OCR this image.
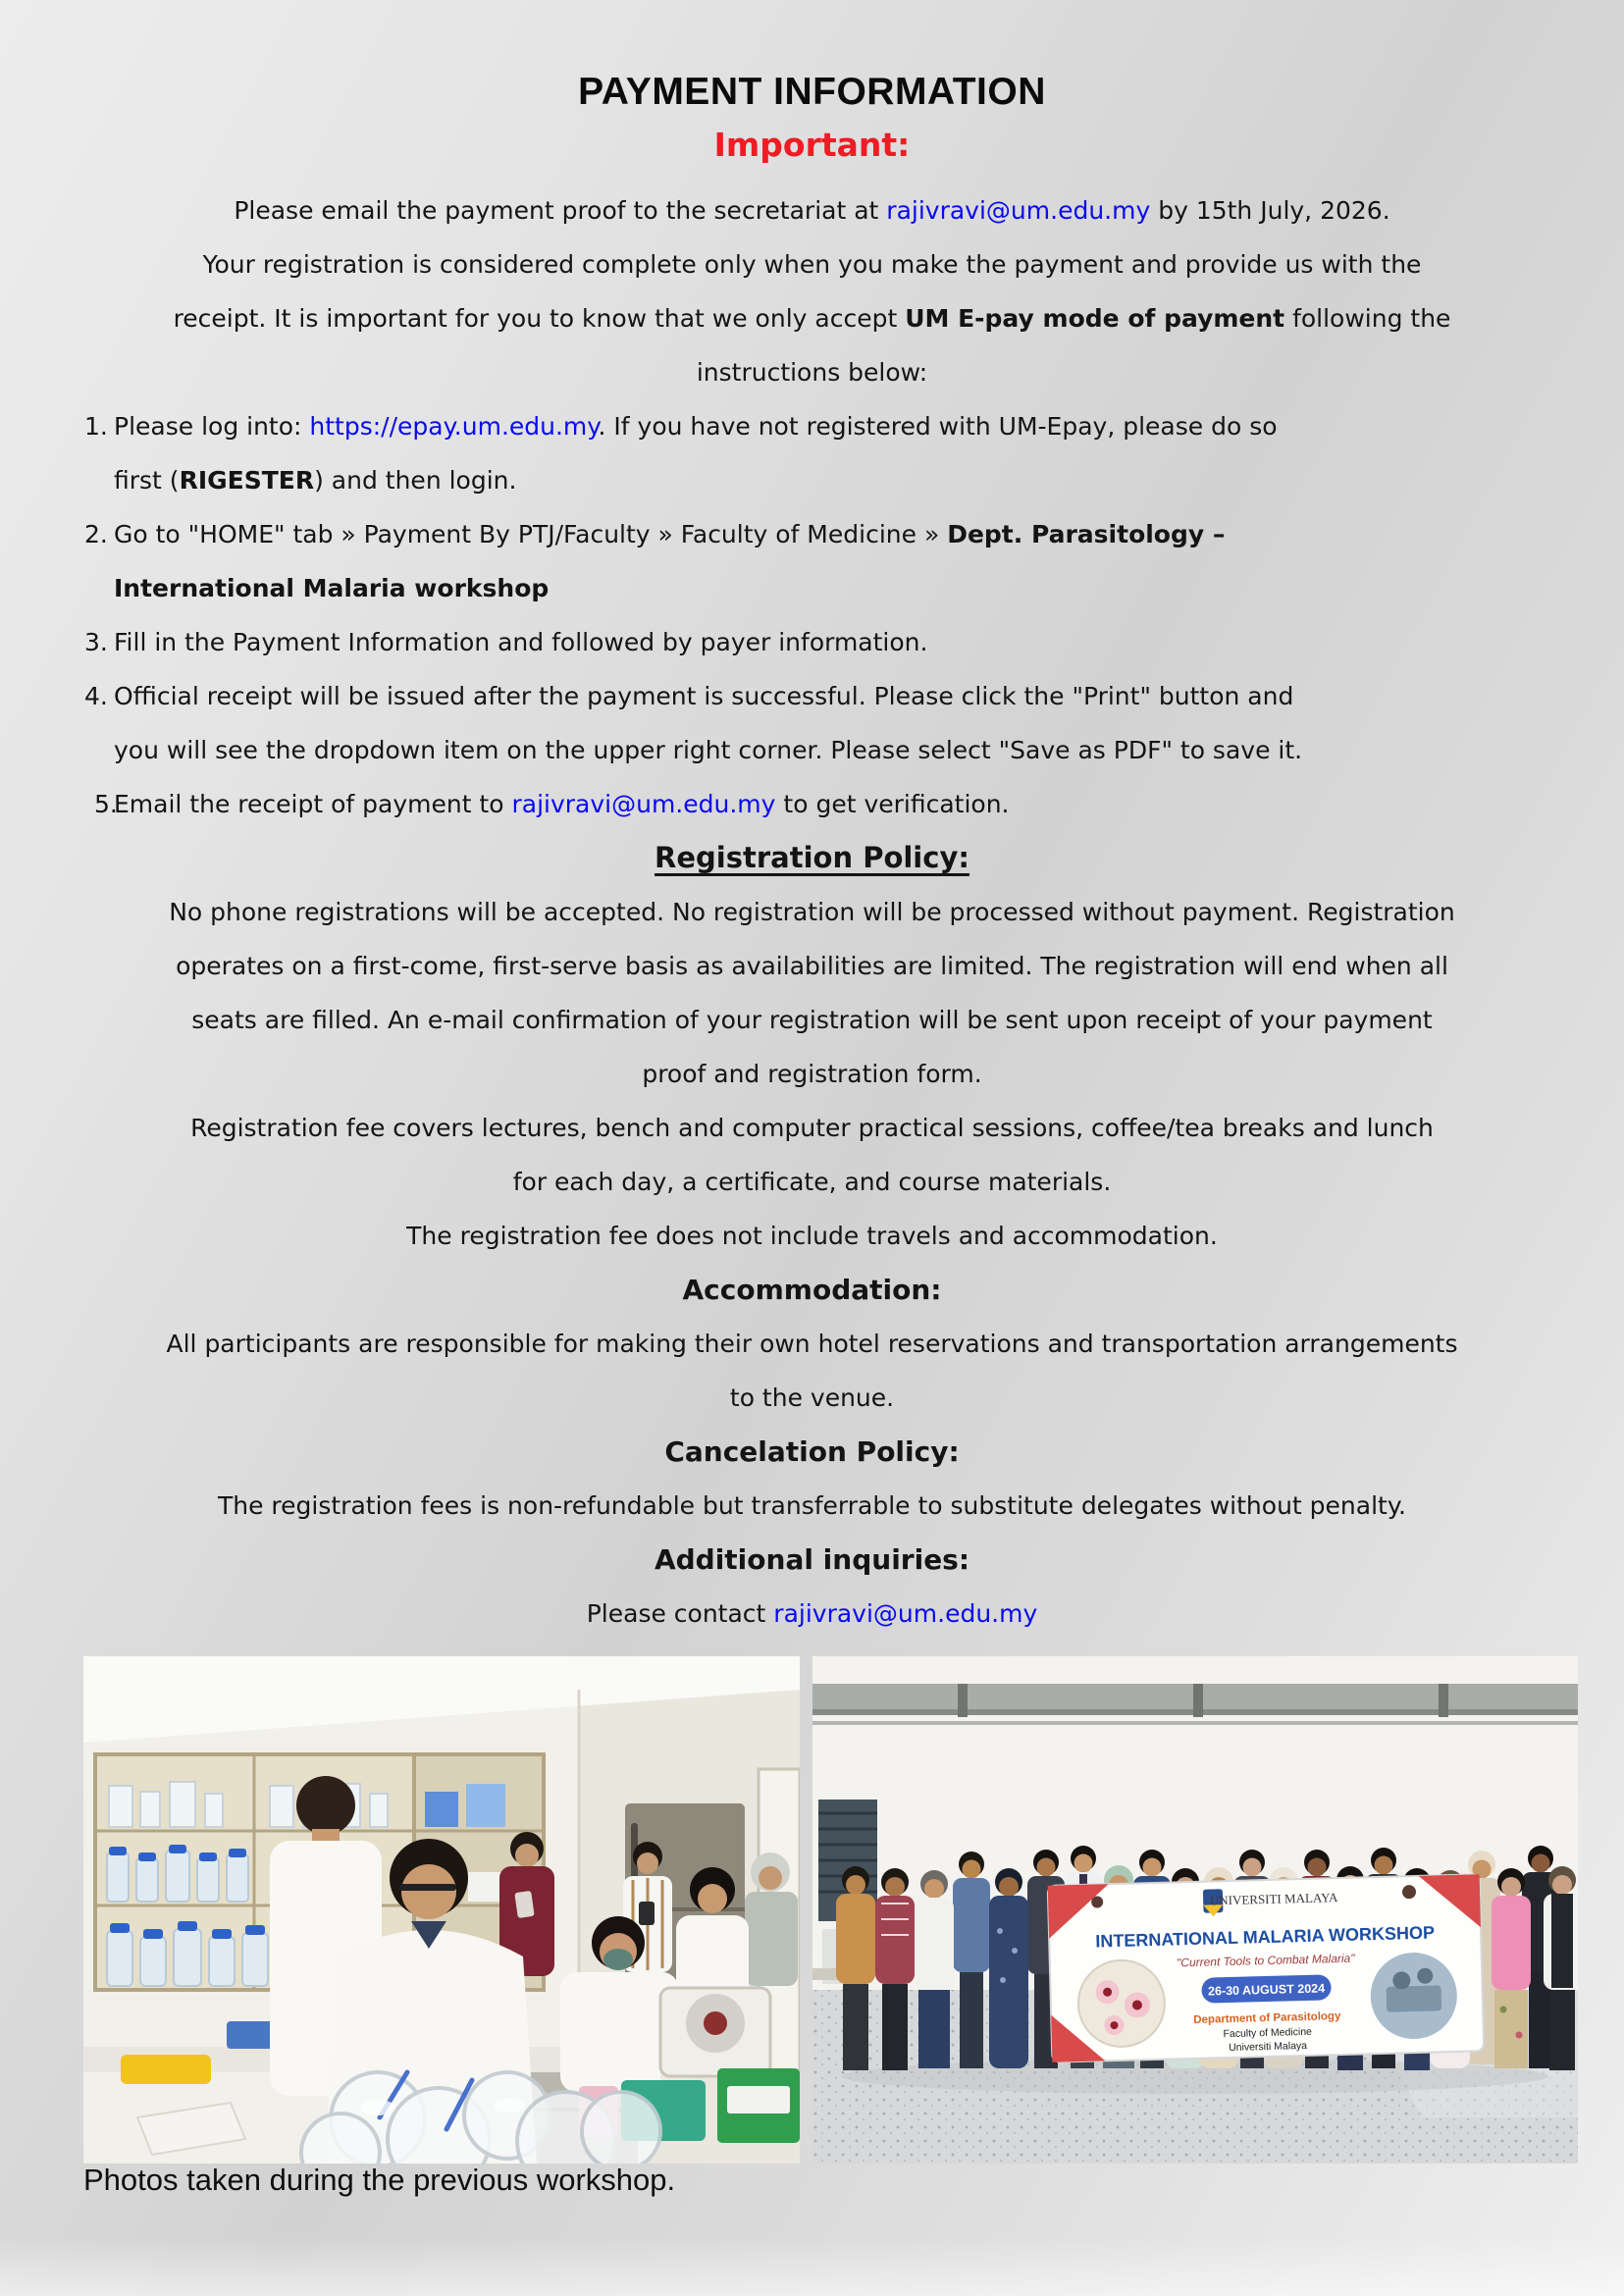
PAYMENT INFORMATION
Important:
Please email the payment proof to the secretariat at rajivravi@um.edu.my by 15th July, 2026.
Your registration is considered complete only when you make the payment and provide us with the
receipt. It is important for you to know that we only accept UM E-pay mode of payment following the
instructions below:
1. Please log into: https://epay.um.edu.my. If you have not registered with UM-Epay, please do so
first (RIGESTER) and then login.
2. Go to "HOME" tab » Payment By PTJ/Faculty » Faculty of Medicine » Dept. Parasitology –
International Malaria workshop
3. Fill in the Payment Information and followed by payer information.
4. Official receipt will be issued after the payment is successful. Please click the "Print" button and
you will see the dropdown item on the upper right corner. Please select "Save as PDF" to save it.
5.
Email the receipt of payment to rajivravi@um.edu.my to get verification.
Registration Policy:
No phone registrations will be accepted. No registration will be processed without payment. Registration
operates on a first-come, first-serve basis as availabilities are limited. The registration will end when all
seats are filled. An e-mail confirmation of your registration will be sent upon receipt of your payment
proof and registration form.
Registration fee covers lectures, bench and computer practical sessions, coffee/tea breaks and lunch
for each day, a certificate, and course materials.
The registration fee does not include travels and accommodation.
Accommodation:
All participants are responsible for making their own hotel reservations and transportation arrangements
to the venue.
Cancelation Policy:
The registration fees is non-refundable but transferrable to substitute delegates without penalty.
Additional inquiries:
Please contact rajivravi@um.edu.my
UNIVERSITI MALAYA
INTERNATIONAL MALARIA WORKSHOP
"Current Tools to Combat Malaria"
26-30 AUGUST 2024
Department of Parasitology
Faculty of Medicine
Universiti Malaya
Photos taken during the previous workshop.
